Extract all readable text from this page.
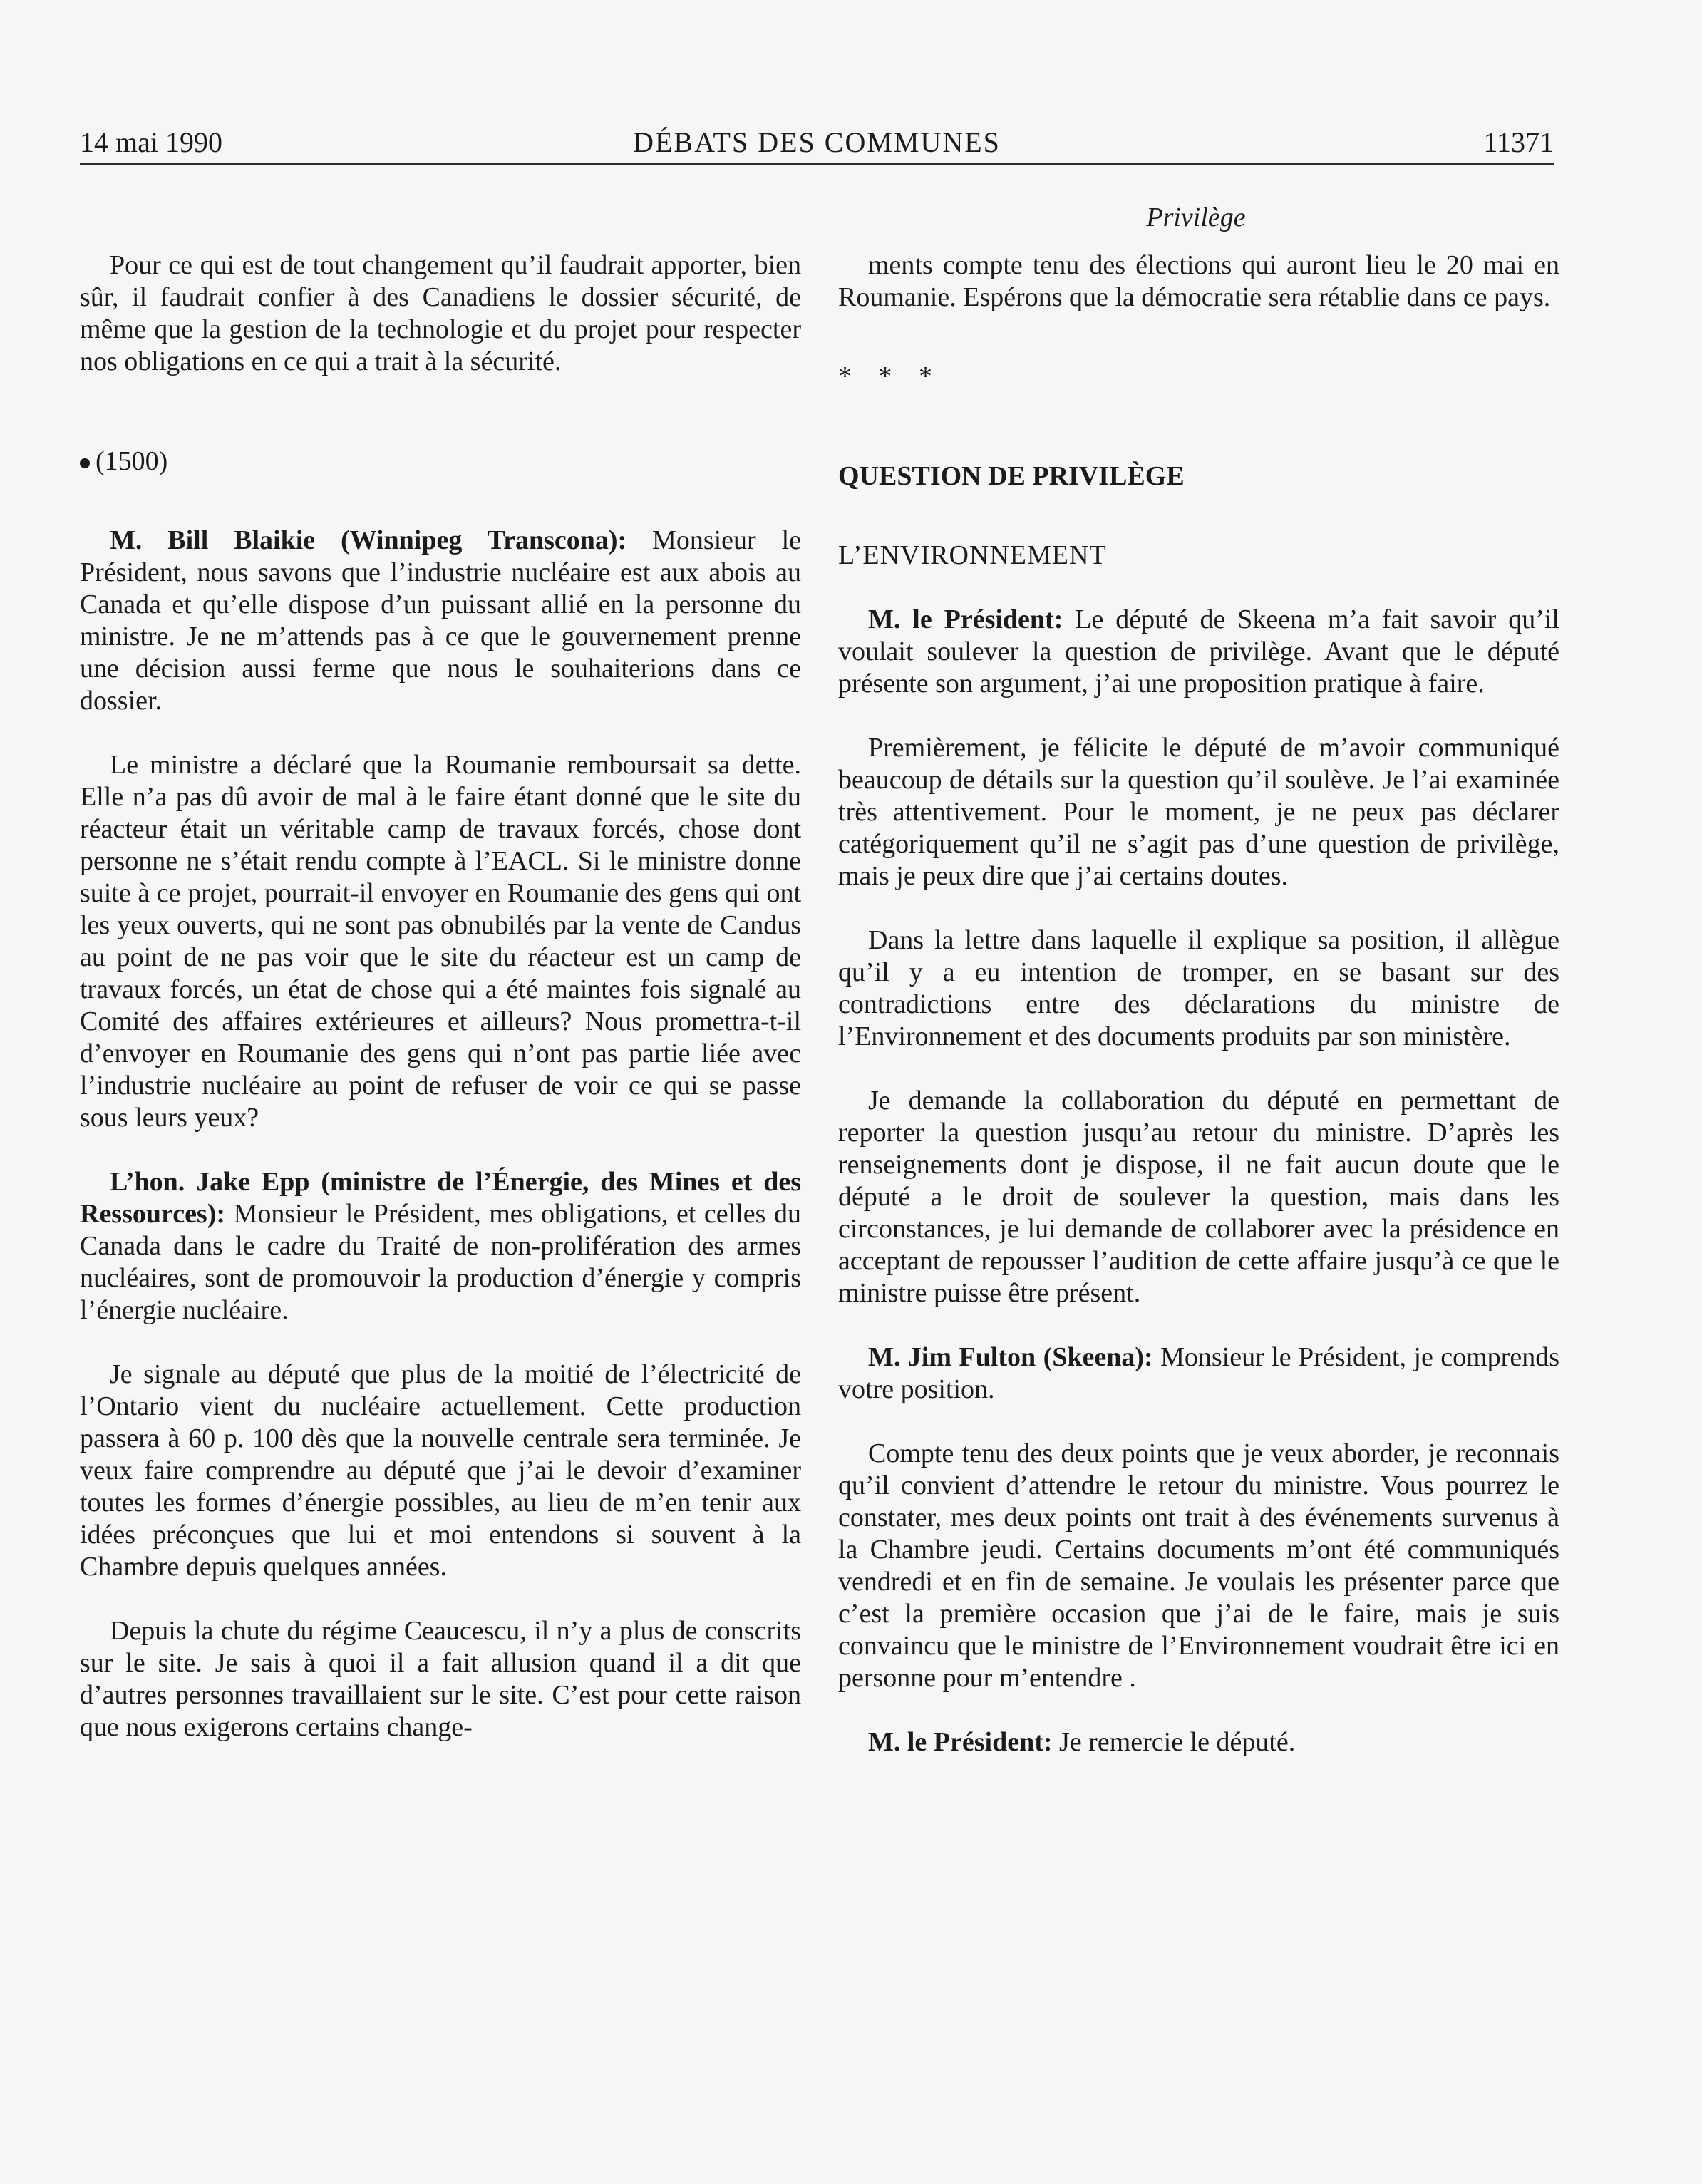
14 mai 1990	DÉBATS DES COMMUNES	11371
Privilège

Pour ce qui est de tout changement qu’il faudrait apporter, bien sûr, il faudrait confier à des Canadiens le dossier sécurité, de même que la gestion de la technologie et du projet pour respecter nos obligations en ce qui a trait à la sécurité.

(1500)

M. Bill Blaikie (Winnipeg Transcona): Monsieur le Président, nous savons que l’industrie nucléaire est aux abois au Canada et qu’elle dispose d’un puissant allié en la personne du ministre. Je ne m’attends pas à ce que le gouvernement prenne une décision aussi ferme que nous le souhaiterions dans ce dossier.

Le ministre a déclaré que la Roumanie remboursait sa dette. Elle n’a pas dû avoir de mal à le faire étant donné que le site du réacteur était un véritable camp de travaux forcés, chose dont personne ne s’était rendu compte à l’EACL. Si le ministre donne suite à ce projet, pourrait-il envoyer en Roumanie des gens qui ont les yeux ouverts, qui ne sont pas obnubilés par la vente de Candus au point de ne pas voir que le site du réacteur est un camp de travaux forcés, un état de chose qui a été maintes fois signalé au Comité des affaires extérieures et ailleurs? Nous promettra-t-il d’envoyer en Roumanie des gens qui n’ont pas partie liée avec l’industrie nucléaire au point de refuser de voir ce qui se passe sous leurs yeux?

L’hon. Jake Epp (ministre de l’Énergie, des Mines et des Ressources): Monsieur le Président, mes obligations, et celles du Canada dans le cadre du Traité de non-prolifération des armes nucléaires, sont de promouvoir la production d’énergie y compris l’énergie nucléaire.

Je signale au député que plus de la moitié de l’électricité de l’Ontario vient du nucléaire actuellement. Cette production passera à 60 p. 100 dès que la nouvelle centrale sera terminée. Je veux faire comprendre au député que j’ai le devoir d’examiner toutes les formes d’énergie possibles, au lieu de m’en tenir aux idées préconçues que lui et moi entendons si souvent à la Chambre depuis quelques années.

Depuis la chute du régime Ceaucescu, il n’y a plus de conscrits sur le site. Je sais à quoi il a fait allusion quand il a dit que d’autres personnes travaillaient sur le site. C’est pour cette raison que nous exigerons certains change-

ments compte tenu des élections qui auront lieu le 20 mai en Roumanie. Espérons que la démocratie sera rétablie dans ce pays.

* * *

QUESTION DE PRIVILÈGE

L’ENVIRONNEMENT

M. le Président: Le député de Skeena m’a fait savoir qu’il voulait soulever la question de privilège. Avant que le député présente son argument, j’ai une proposition pratique à faire.

Premièrement, je félicite le député de m’avoir communiqué beaucoup de détails sur la question qu’il soulève. Je l’ai examinée très attentivement. Pour le moment, je ne peux pas déclarer catégoriquement qu’il ne s’agit pas d’une question de privilège, mais je peux dire que j’ai certains doutes.

Dans la lettre dans laquelle il explique sa position, il allègue qu’il y a eu intention de tromper, en se basant sur des contradictions entre des déclarations du ministre de l’Environnement et des documents produits par son ministère.

Je demande la collaboration du député en permettant de reporter la question jusqu’au retour du ministre. D’après les renseignements dont je dispose, il ne fait aucun doute que le député a le droit de soulever la question, mais dans les circonstances, je lui demande de collaborer avec la présidence en acceptant de repousser l’audition de cette affaire jusqu’à ce que le ministre puisse être présent.

M. Jim Fulton (Skeena): Monsieur le Président, je comprends votre position.

Compte tenu des deux points que je veux aborder, je reconnais qu’il convient d’attendre le retour du ministre. Vous pourrez le constater, mes deux points ont trait à des événements survenus à la Chambre jeudi. Certains documents m’ont été communiqués vendredi et en fin de semaine. Je voulais les présenter parce que c’est la première occasion que j’ai de le faire, mais je suis convaincu que le ministre de l’Environnement voudrait être ici en personne pour m’entendre .

M. le Président: Je remercie le député.
